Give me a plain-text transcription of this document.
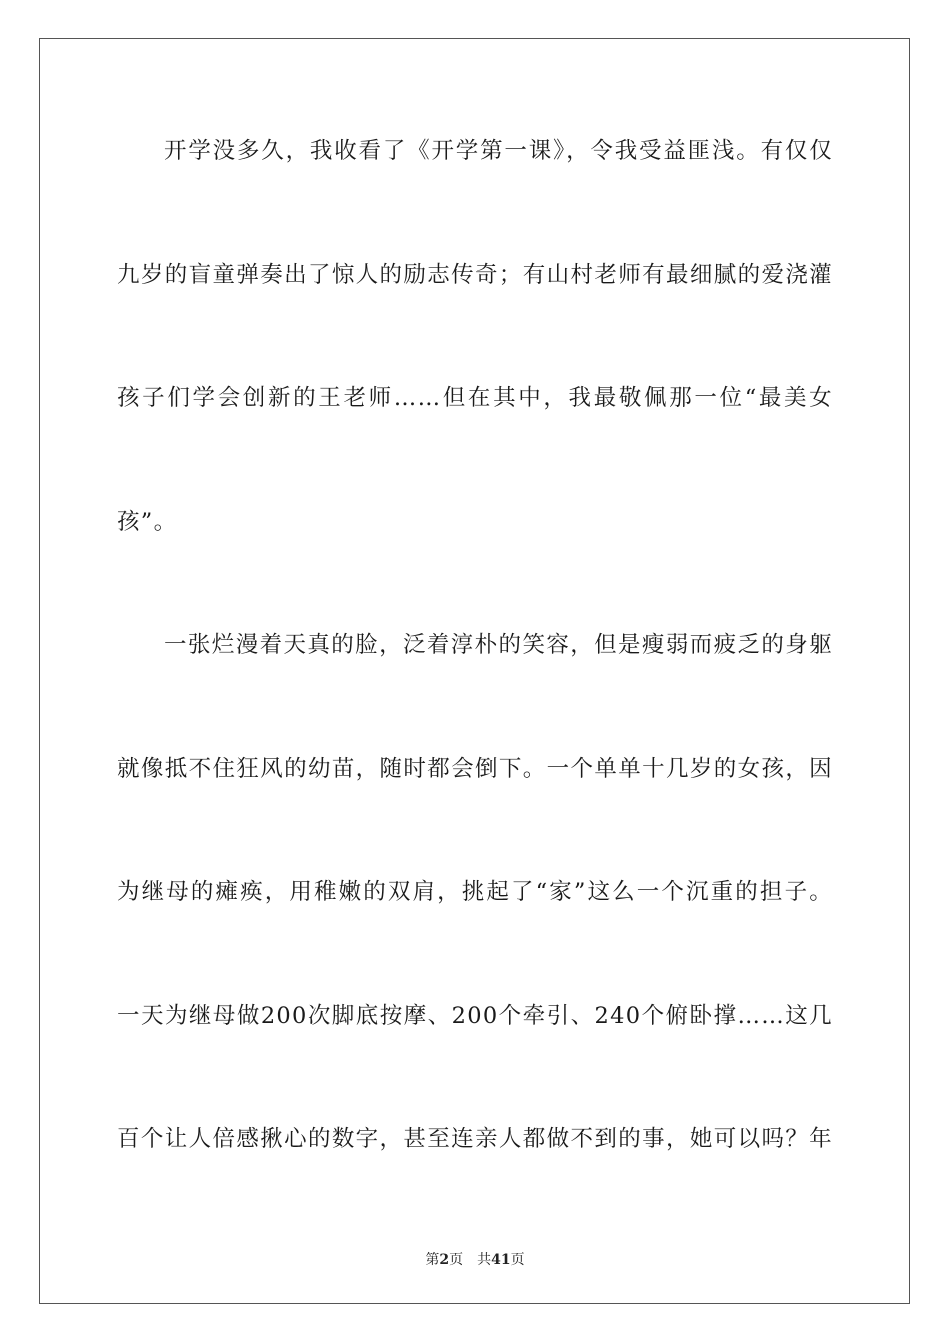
开学没多久，我收看了《开学第一课》，令我受益匪浅。有仅仅
九岁的盲童弹奏出了惊人的励志传奇；有山村老师有最细腻的爱浇灌
孩子们学会创新的王老师……但在其中，我最敬佩那一位“最美女
孩”。
一张烂漫着天真的脸，泛着淳朴的笑容，但是瘦弱而疲乏的身躯
就像抵不住狂风的幼苗，随时都会倒下。一个单单十几岁的女孩，因
为继母的瘫痪，用稚嫩的双肩，挑起了“家”这么一个沉重的担子。
一天为继母做200次脚底按摩、200个牵引、240个俯卧撑……这几
百个让人倍感揪心的数字，甚至连亲人都做不到的事，她可以吗？年
第2页 共41页
